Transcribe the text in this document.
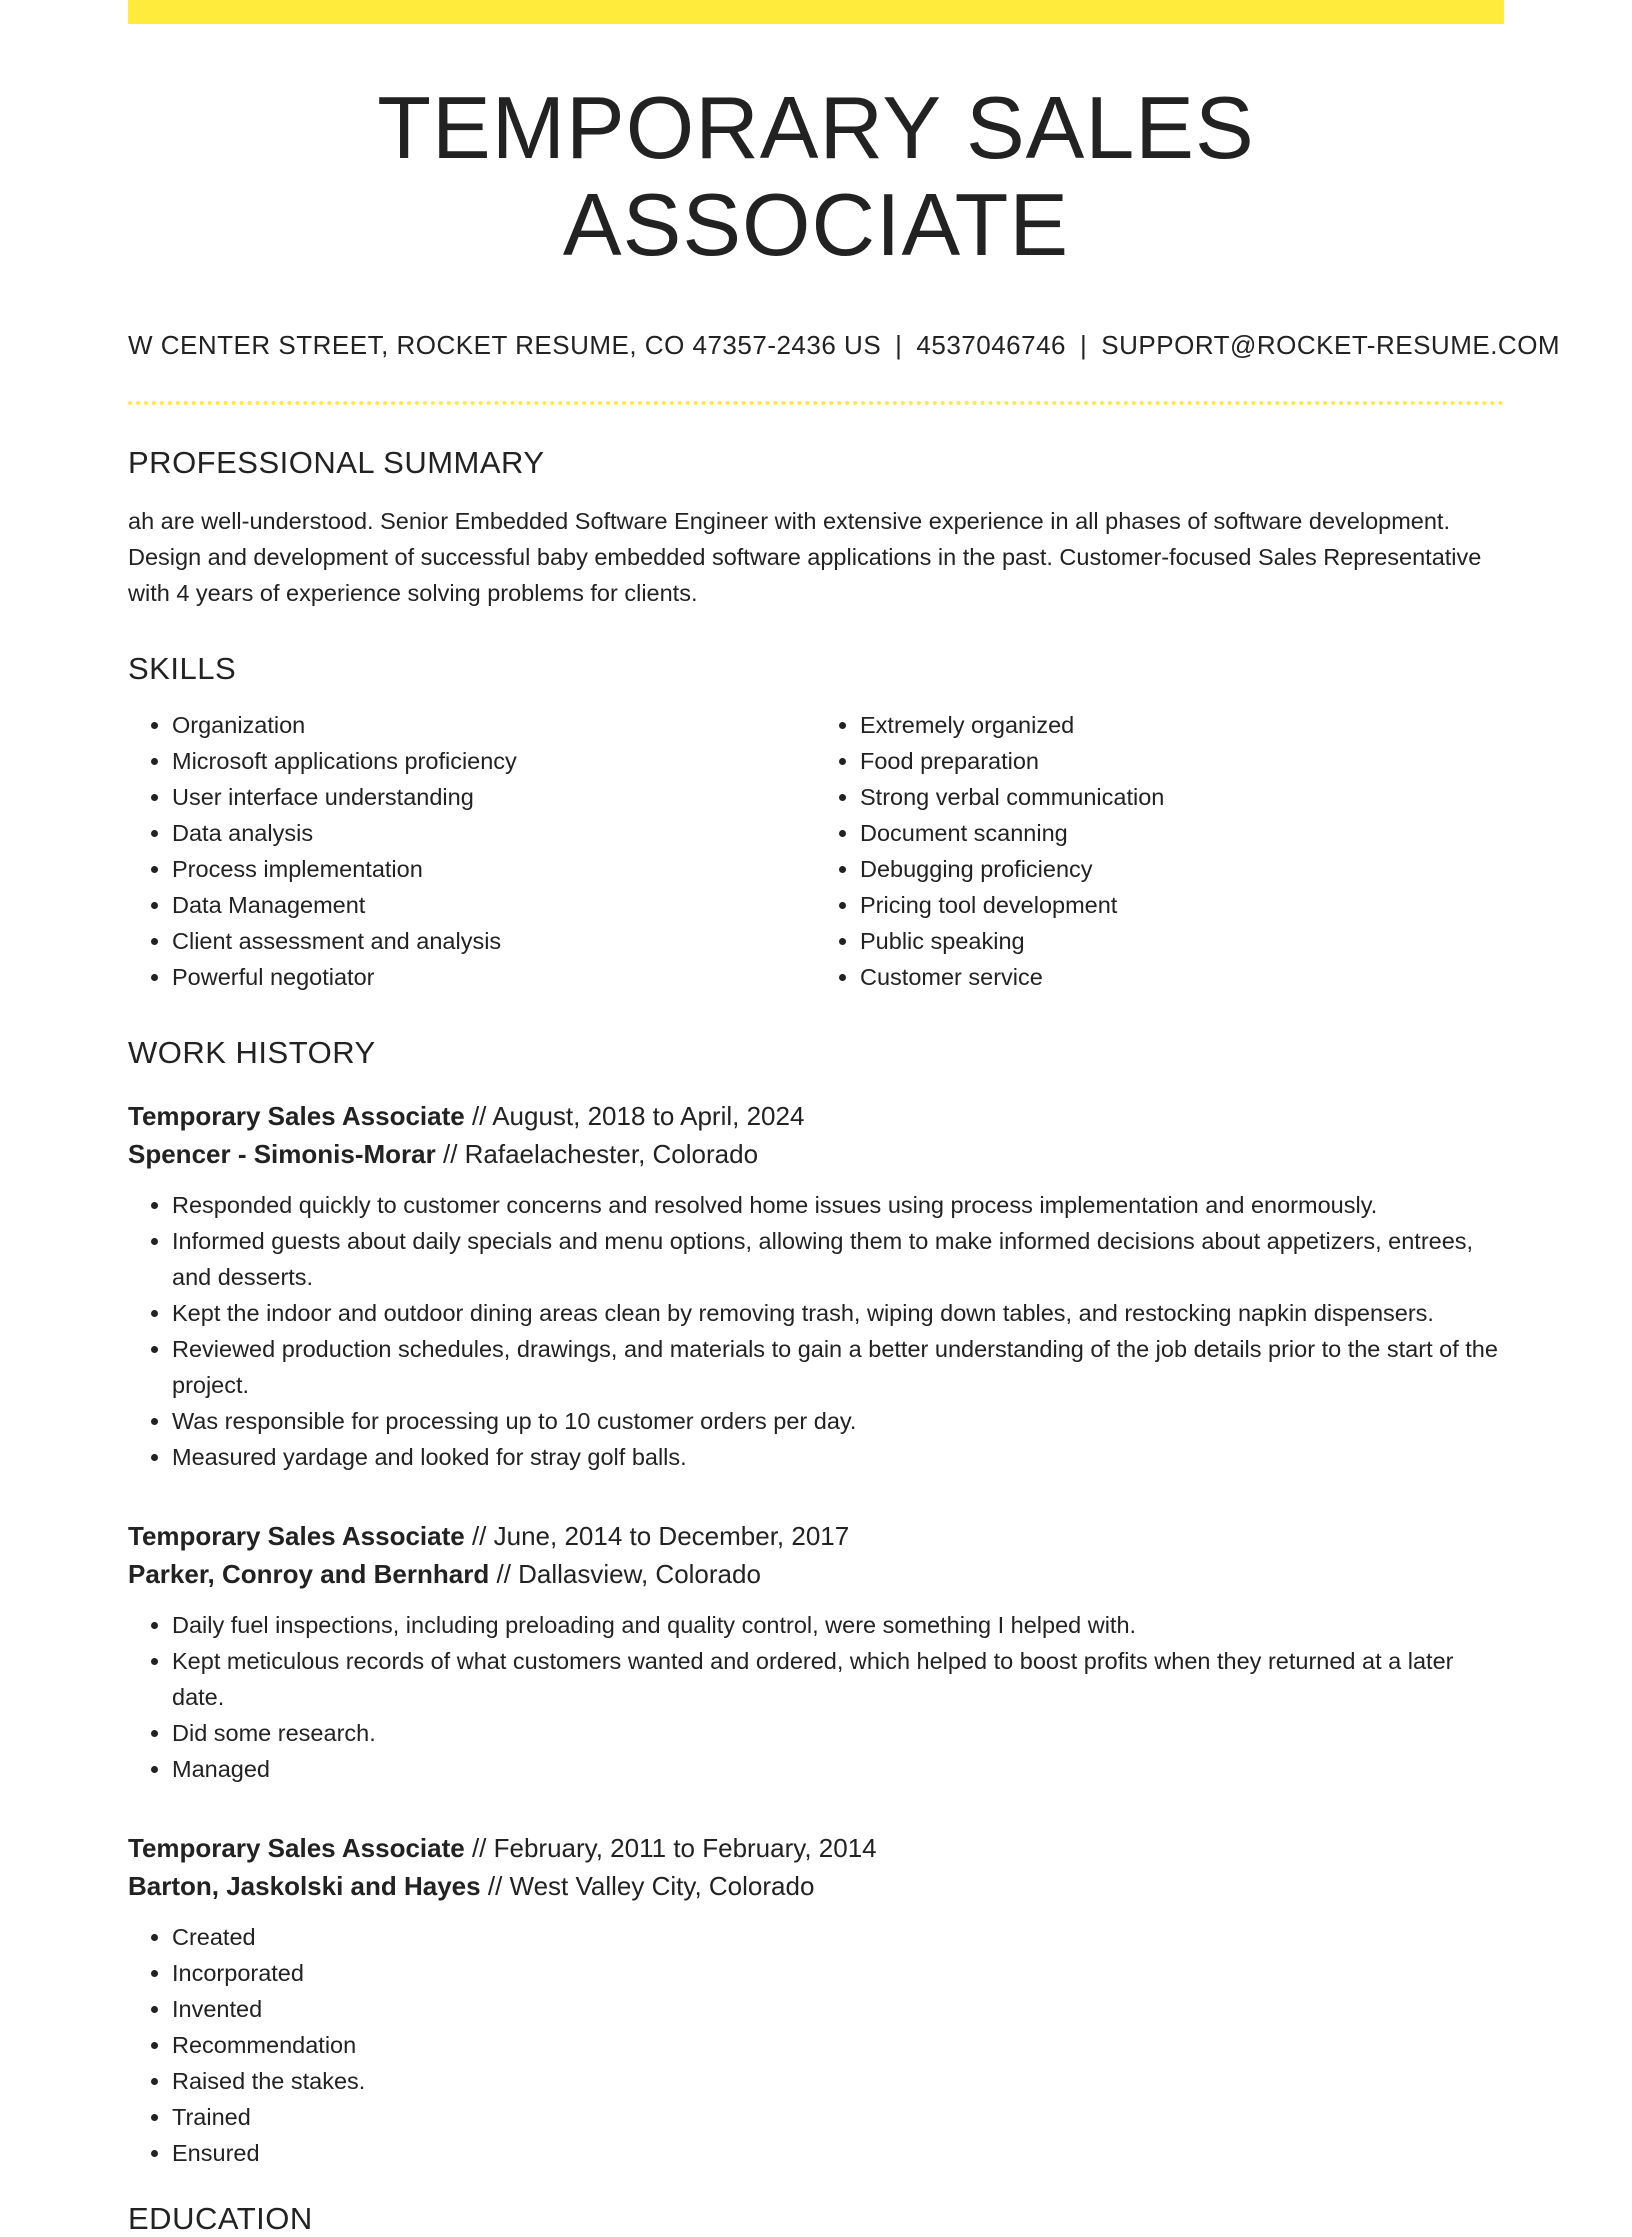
TEMPORARY SALES ASSOCIATE
W CENTER STREET, ROCKET RESUME, CO 47357-2436 US | 4537046746 | SUPPORT@ROCKET-RESUME.COM
PROFESSIONAL SUMMARY

ah are well-understood. Senior Embedded Software Engineer with extensive experience in all phases of software development. Design and development of successful baby embedded software applications in the past. Customer-focused Sales Representative with 4 years of experience solving problems for clients.

SKILLS
• Organization
• Microsoft applications proficiency
• User interface understanding
• Data analysis
• Process implementation
• Data Management
• Client assessment and analysis
• Powerful negotiator
• Extremely organized
• Food preparation
• Strong verbal communication
• Document scanning
• Debugging proficiency
• Pricing tool development
• Public speaking
• Customer service
WORK HISTORY
Temporary Sales Associate // August, 2018 to April, 2024
Spencer - Simonis-Morar // Rafaelachester, Colorado
• Responded quickly to customer concerns and resolved home issues using process implementation and enormously.
• Informed guests about daily specials and menu options, allowing them to make informed decisions about appetizers, entrees, and desserts.
• Kept the indoor and outdoor dining areas clean by removing trash, wiping down tables, and restocking napkin dispensers.
• Reviewed production schedules, drawings, and materials to gain a better understanding of the job details prior to the start of the project.
• Was responsible for processing up to 10 customer orders per day.
• Measured yardage and looked for stray golf balls.
Temporary Sales Associate // June, 2014 to December, 2017
Parker, Conroy and Bernhard // Dallasview, Colorado
• Daily fuel inspections, including preloading and quality control, were something I helped with.
• Kept meticulous records of what customers wanted and ordered, which helped to boost profits when they returned at a later date.
• Did some research.
• Managed
Temporary Sales Associate // February, 2011 to February, 2014
Barton, Jaskolski and Hayes // West Valley City, Colorado
• Created
• Incorporated
• Invented
• Recommendation
• Raised the stakes.
• Trained
• Ensured
EDUCATION
